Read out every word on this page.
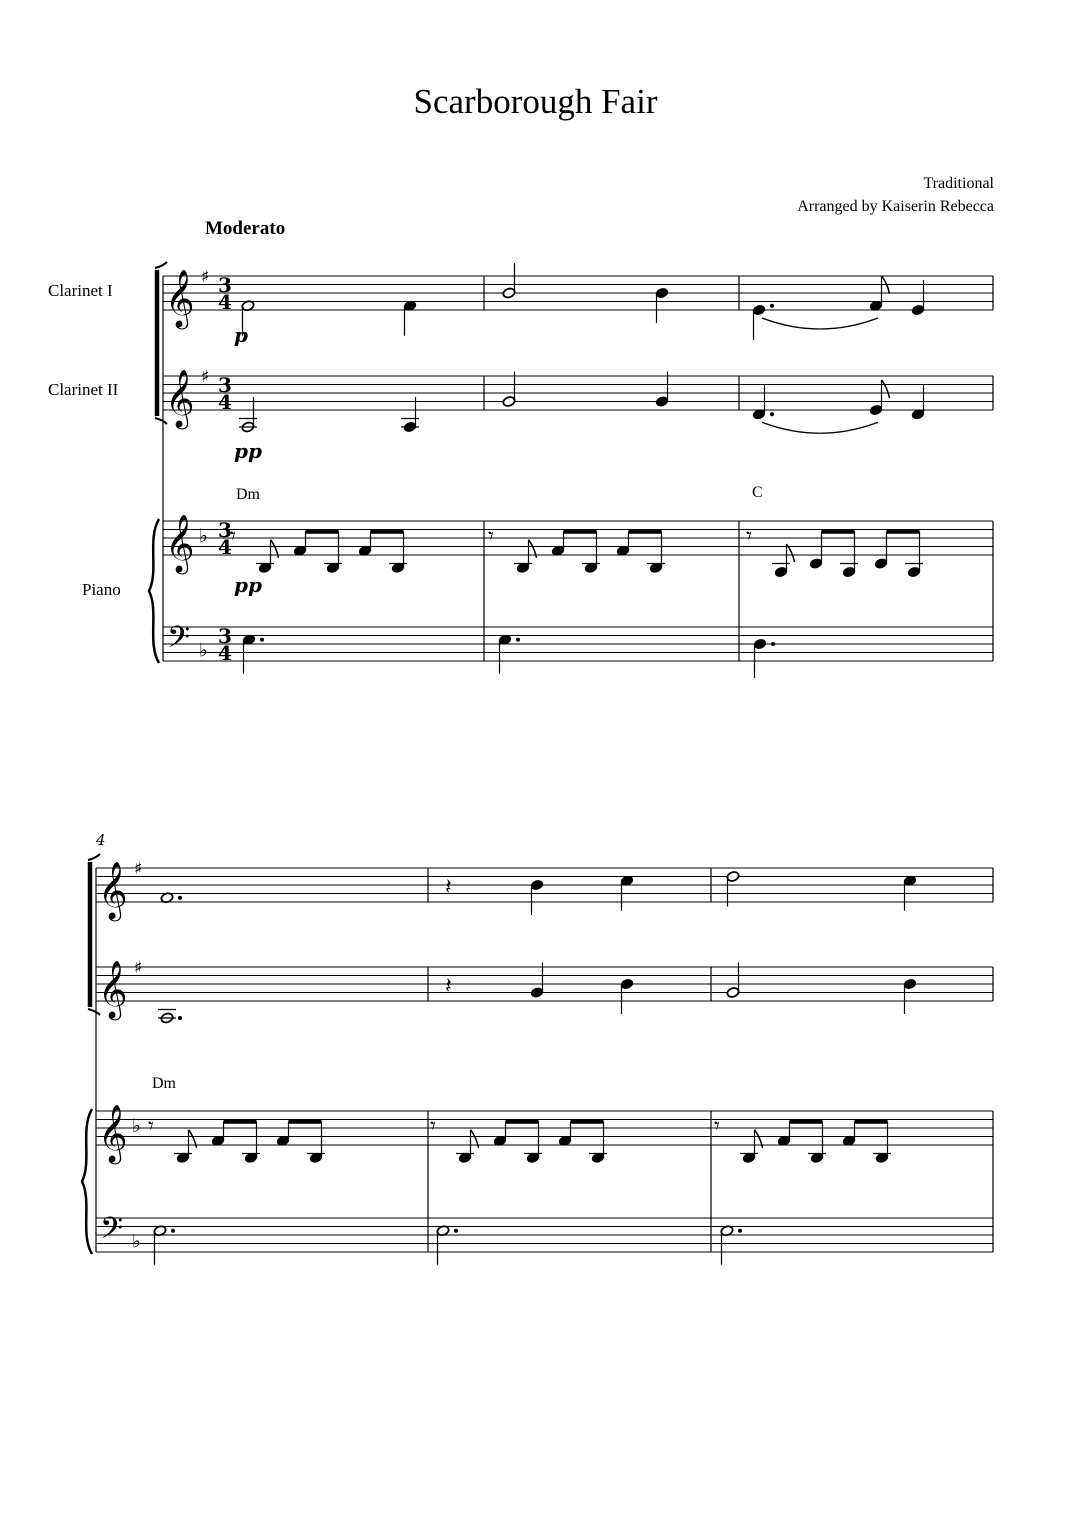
Scarborough Fair
Traditional
Arranged by Kaiserin Rebecca
Moderato
Clarinet I
Clarinet II
Piano
𝄞
𝄞
𝄞
𝄢
♯
♯
♭
♭
3
4
3
4
3
4
3
4
p
pp
Dm	C
pp
𝄾	𝄾	𝄾
𝄞
𝄞
𝄞
𝄢
♯
♯
♭
♭
4
𝄽
𝄽
Dm
𝄾	𝄾	𝄾
